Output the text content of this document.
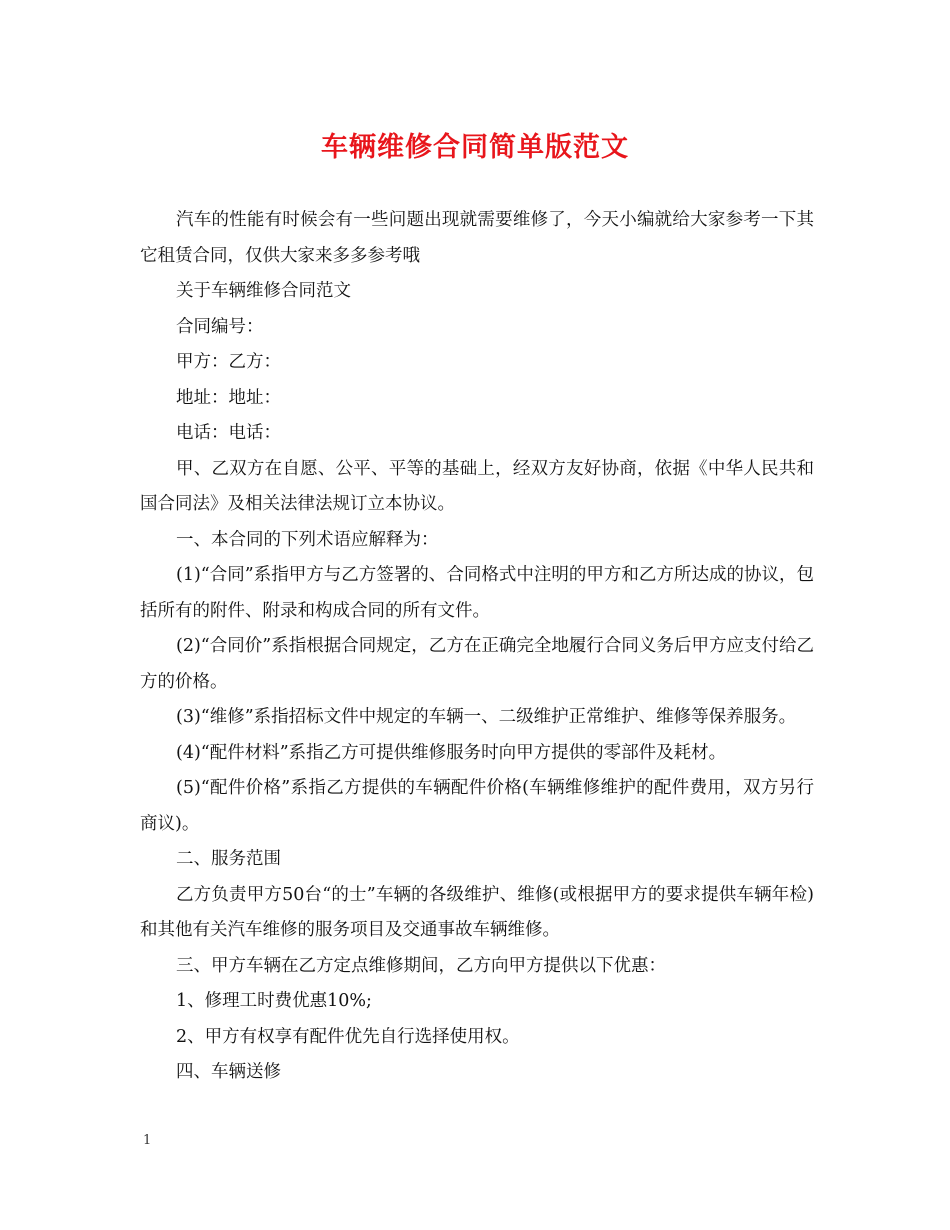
车辆维修合同简单版范文

汽车的性能有时候会有一些问题出现就需要维修了，今天小编就给大家参考一下其它租赁合同，仅供大家来多多参考哦

关于车辆维修合同范文

合同编号：

甲方：乙方：

地址：地址：

电话：电话：

甲、乙双方在自愿、公平、平等的基础上，经双方友好协商，依据《中华人民共和国合同法》及相关法律法规订立本协议。

一、本合同的下列术语应解释为：

(1)“合同”系指甲方与乙方签署的、合同格式中注明的甲方和乙方所达成的协议，包括所有的附件、附录和构成合同的所有文件。

(2)“合同价”系指根据合同规定，乙方在正确完全地履行合同义务后甲方应支付给乙方的价格。

(3)“维修”系指招标文件中规定的车辆一、二级维护正常维护、维修等保养服务。

(4)“配件材料”系指乙方可提供维修服务时向甲方提供的零部件及耗材。

(5)“配件价格”系指乙方提供的车辆配件价格(车辆维修维护的配件费用，双方另行商议)。

二、服务范围

乙方负责甲方50台“的士”车辆的各级维护、维修(或根据甲方的要求提供车辆年检)和其他有关汽车维修的服务项目及交通事故车辆维修。

三、甲方车辆在乙方定点维修期间，乙方向甲方提供以下优惠：

1、修理工时费优惠10%;

2、甲方有权享有配件优先自行选择使用权。

四、车辆送修

1
